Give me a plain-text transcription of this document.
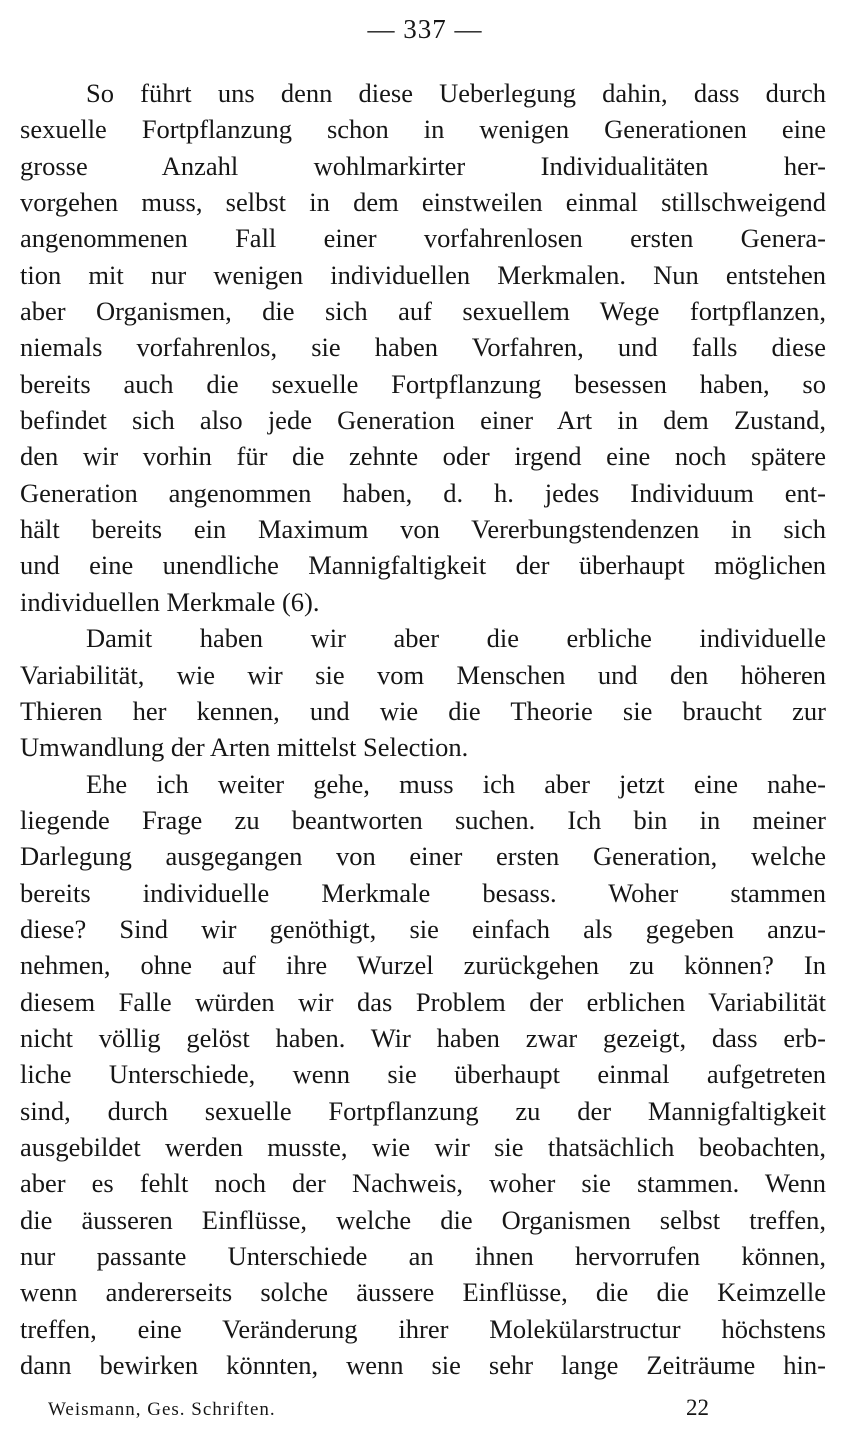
— 337 —
So führt uns denn diese Ueberlegung dahin, dass durch
sexuelle Fortpflanzung schon in wenigen Generationen eine
grosse Anzahl wohlmarkirter Individualitäten her-
vorgehen muss, selbst in dem einstweilen einmal stillschweigend
angenommenen Fall einer vorfahrenlosen ersten Genera-
tion mit nur wenigen individuellen Merkmalen. Nun entstehen
aber Organismen, die sich auf sexuellem Wege fortpflanzen,
niemals vorfahrenlos, sie haben Vorfahren, und falls diese
bereits auch die sexuelle Fortpflanzung besessen haben, so
befindet sich also jede Generation einer Art in dem Zustand,
den wir vorhin für die zehnte oder irgend eine noch spätere
Generation angenommen haben, d. h. jedes Individuum ent-
hält bereits ein Maximum von Vererbungstendenzen in sich
und eine unendliche Mannigfaltigkeit der überhaupt möglichen
individuellen Merkmale (6).
Damit haben wir aber die erbliche individuelle
Variabilität, wie wir sie vom Menschen und den höheren
Thieren her kennen, und wie die Theorie sie braucht zur
Umwandlung der Arten mittelst Selection.
Ehe ich weiter gehe, muss ich aber jetzt eine nahe-
liegende Frage zu beantworten suchen. Ich bin in meiner
Darlegung ausgegangen von einer ersten Generation, welche
bereits individuelle Merkmale besass. Woher stammen
diese? Sind wir genöthigt, sie einfach als gegeben anzu-
nehmen, ohne auf ihre Wurzel zurückgehen zu können? In
diesem Falle würden wir das Problem der erblichen Variabilität
nicht völlig gelöst haben. Wir haben zwar gezeigt, dass erb-
liche Unterschiede, wenn sie überhaupt einmal aufgetreten
sind, durch sexuelle Fortpflanzung zu der Mannigfaltigkeit
ausgebildet werden musste, wie wir sie thatsächlich beobachten,
aber es fehlt noch der Nachweis, woher sie stammen. Wenn
die äusseren Einflüsse, welche die Organismen selbst treffen,
nur passante Unterschiede an ihnen hervorrufen können,
wenn andererseits solche äussere Einflüsse, die die Keimzelle
treffen, eine Veränderung ihrer Molekülarstructur höchstens
dann bewirken könnten, wenn sie sehr lange Zeiträume hin-
Weismann, Ges. Schriften.	22
